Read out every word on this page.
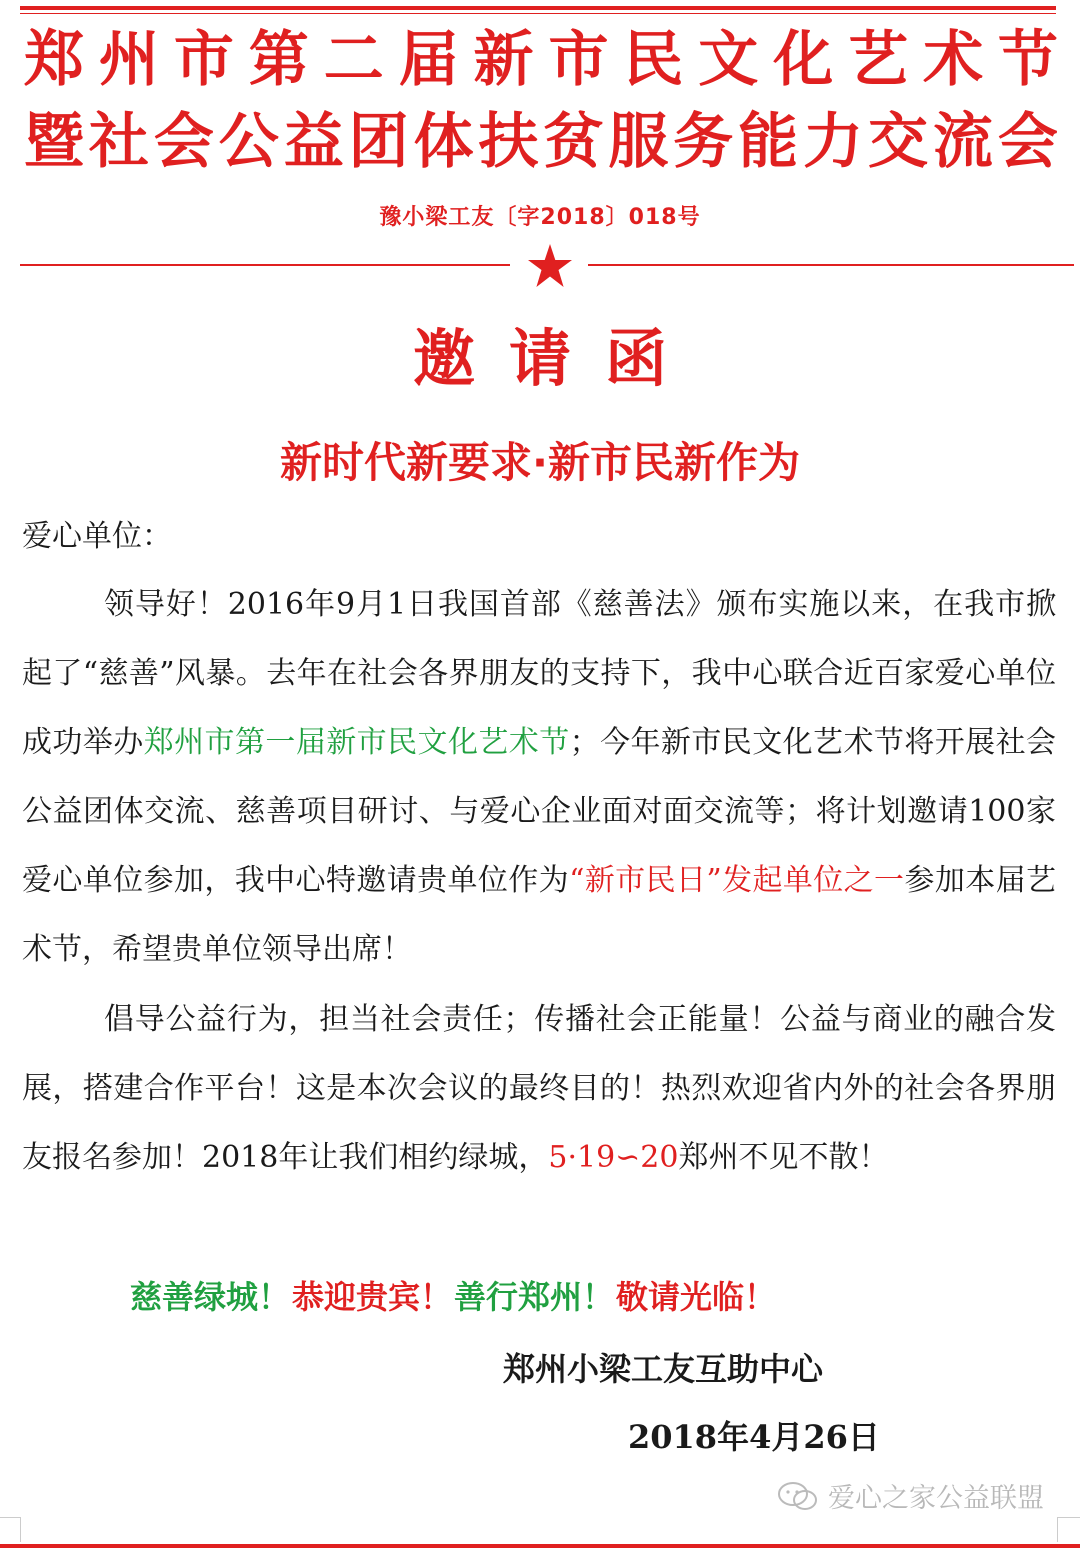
郑 州 市 第 二 届 新 市 民 文 化 艺 术 节
暨 社 会 公 益 团 体 扶 贫 服 务 能 力 交 流 会
豫小梁工友〔字2018〕018号
邀请函
新时代新要求·新市民新作为
爱心单位：
领导好！2016年9月1日我国首部《慈善法》颁布实施以来，在我市掀起了“慈善”风暴。去年在社会各界朋友的支持下，我中心联合近百家爱心单位成功举办郑州市第一届新市民文化艺术节；今年新市民文化艺术节将开展社会公益团体交流、慈善项目研讨、与爱心企业面对面交流等；将计划邀请100家爱心单位参加，我中心特邀请贵单位作为“新市民日”发起单位之一参加本届艺术节，希望贵单位领导出席！
倡导公益行为，担当社会责任；传播社会正能量！公益与商业的融合发展，搭建合作平台！这是本次会议的最终目的！热烈欢迎省内外的社会各界朋友报名参加！2018年让我们相约绿城，5·19∽20郑州不见不散！
慈善绿城！恭迎贵宾！善行郑州！敬请光临！
郑州小梁工友互助中心
2018年4月26日
爱心之家公益联盟
